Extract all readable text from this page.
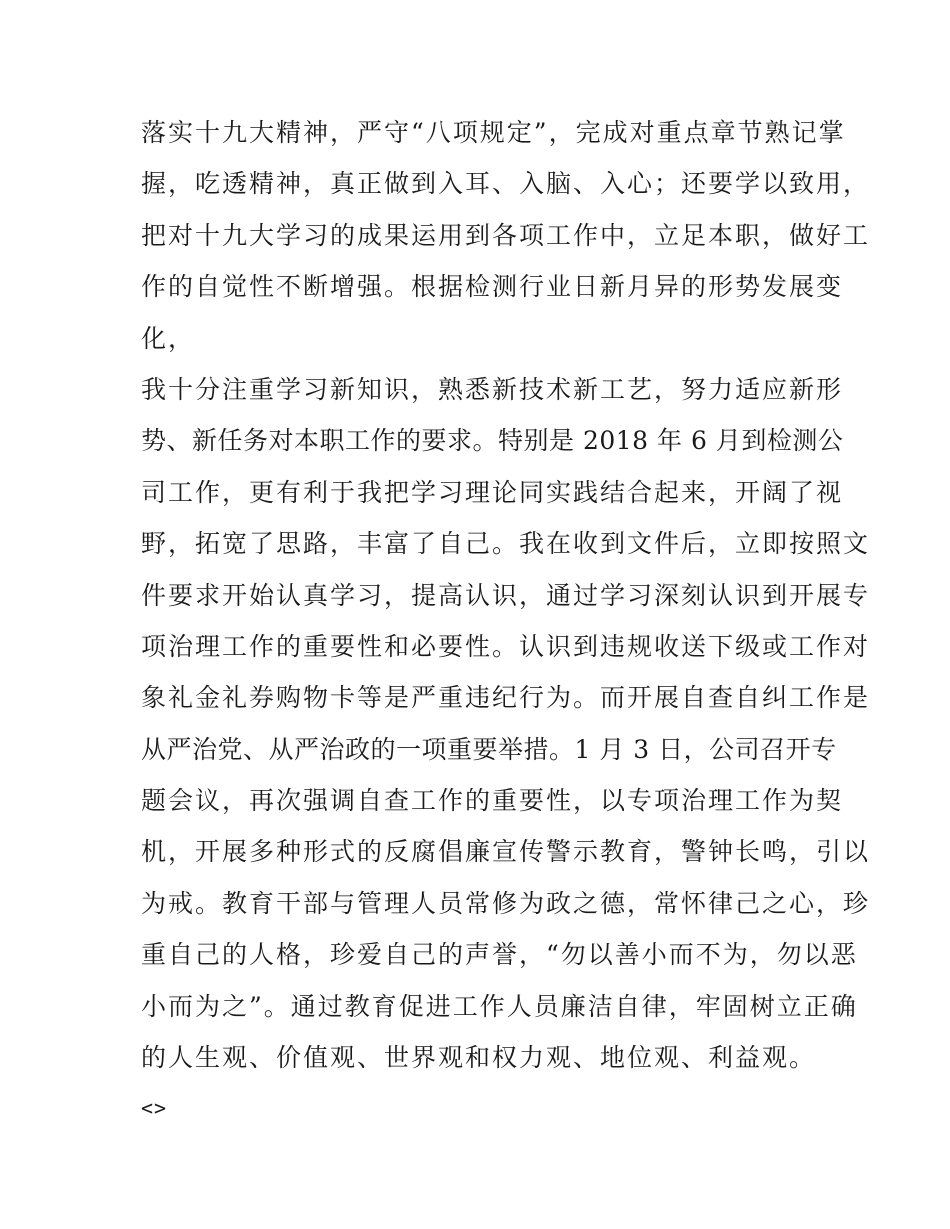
落实十九大精神，严守“八项规定”，完成对重点章节熟记掌
握，吃透精神，真正做到入耳、入脑、入心；还要学以致用，
把对十九大学习的成果运用到各项工作中，立足本职，做好工
作的自觉性不断增强。根据检测行业日新月异的形势发展变
化，
我十分注重学习新知识，熟悉新技术新工艺，努力适应新形
势、新任务对本职工作的要求。特别是 2018 年 6 月到检测公
司工作，更有利于我把学习理论同实践结合起来，开阔了视
野，拓宽了思路，丰富了自己。我在收到文件后，立即按照文
件要求开始认真学习，提高认识，通过学习深刻认识到开展专
项治理工作的重要性和必要性。认识到违规收送下级或工作对
象礼金礼券购物卡等是严重违纪行为。而开展自查自纠工作是
从严治党、从严治政的一项重要举措。1 月 3 日，公司召开专
题会议，再次强调自查工作的重要性，以专项治理工作为契
机，开展多种形式的反腐倡廉宣传警示教育，警钟长鸣，引以
为戒。教育干部与管理人员常修为政之德，常怀律己之心，珍
重自己的人格，珍爱自己的声誉，“勿以善小而不为，勿以恶
小而为之”。通过教育促进工作人员廉洁自律，牢固树立正确
的人生观、价值观、世界观和权力观、地位观、利益观。
<>
